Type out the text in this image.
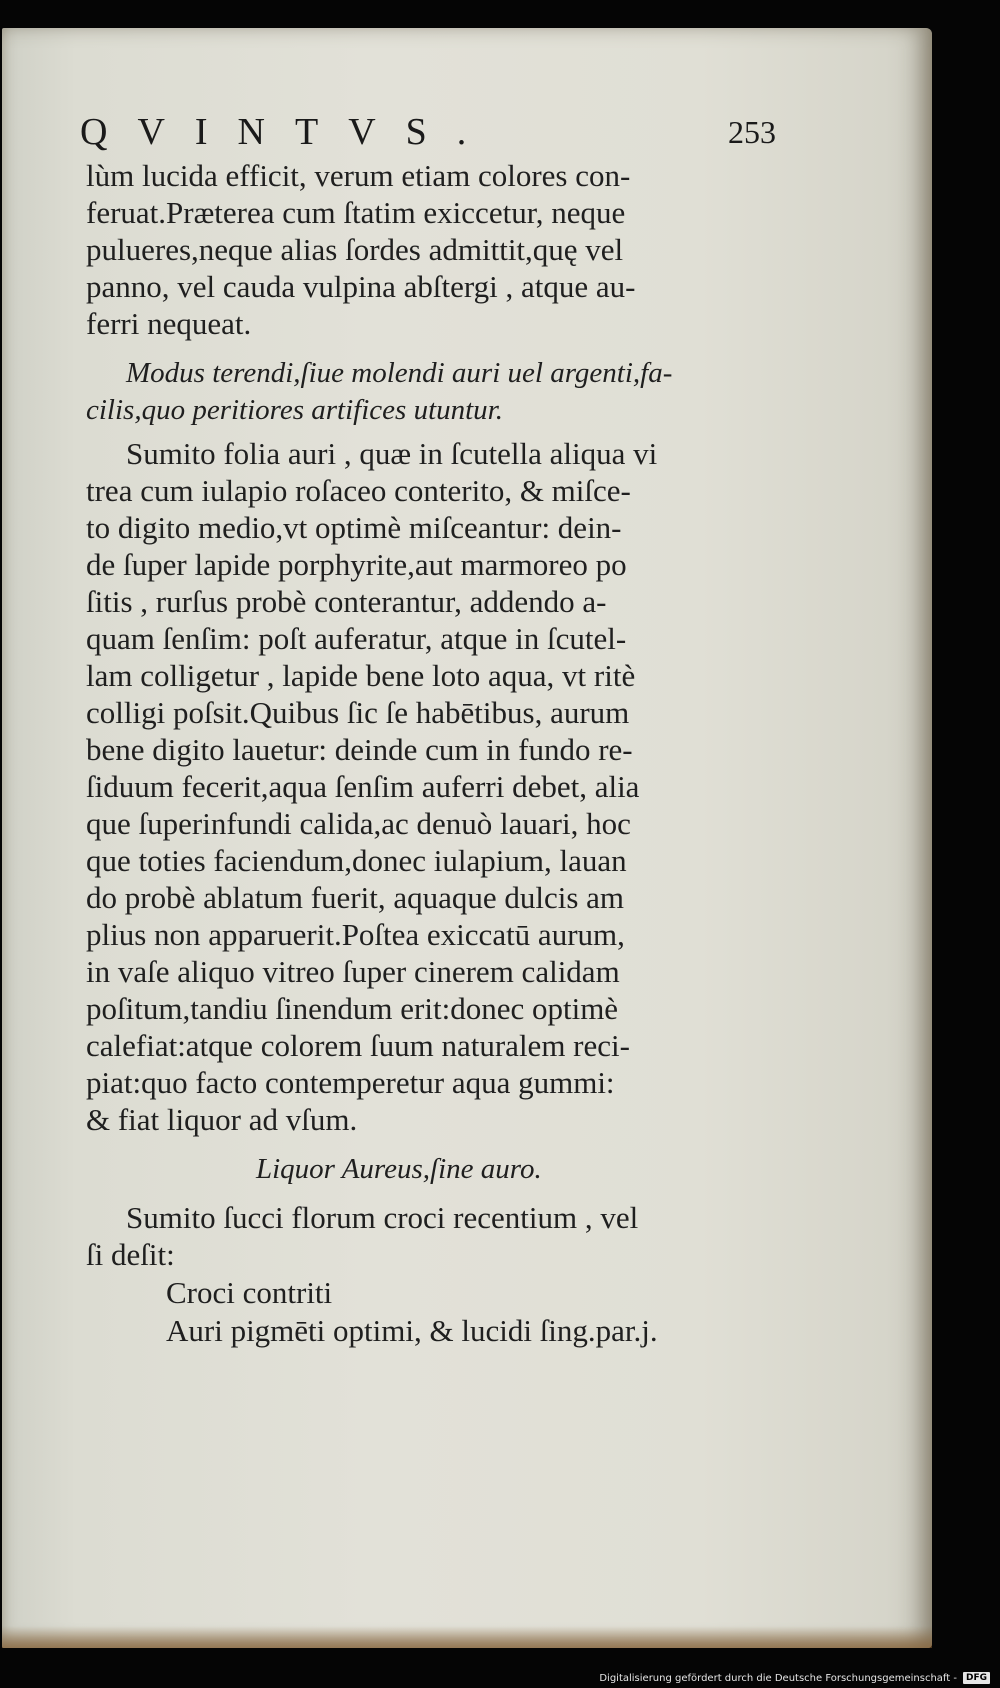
QVINTVS.	253
lùm lucida efficit, verum etiam colores con-
feruat.Præterea cum ſtatim exiccetur, neque
pulueres,neque alias ſordes admittit,quę vel
panno, vel cauda vulpina abſtergi , atque au-
ferri nequeat.
Modus terendi,ſiue molendi auri uel argenti,fa-
cilis,quo peritiores artifices utuntur.
Sumito folia auri , quæ in ſcutella aliqua vi
trea cum iulapio roſaceo conterito, & miſce-
to digito medio,vt optimè miſceantur: dein-
de ſuper lapide porphyrite,aut marmoreo po
ſitis , rurſus probè conterantur, addendo a-
quam ſenſim: poſt auferatur, atque in ſcutel-
lam colligetur , lapide bene loto aqua, vt ritè
colligi poſsit.Quibus ſic ſe habētibus, aurum
bene digito lauetur: deinde cum in fundo re-
ſiduum fecerit,aqua ſenſim auferri debet, alia
que ſuperinfundi calida,ac denuò lauari, hoc
que toties faciendum,donec iulapium, lauan
do probè ablatum fuerit, aquaque dulcis am
plius non apparuerit.Poſtea exiccatū aurum,
in vaſe aliquo vitreo ſuper cinerem calidam
poſitum,tandiu ſinendum erit:donec optimè
calefiat:atque colorem ſuum naturalem reci-
piat:quo facto contemperetur aqua gummi:
& fiat liquor ad vſum.
Liquor Aureus,ſine auro.
Sumito ſucci florum croci recentium , vel
ſi deſit:
Croci contriti
Auri pigmēti optimi, & lucidi ſing.par.j.
Digitalisierung gefördert durch die Deutsche Forschungsgemeinschaft -	DFG
